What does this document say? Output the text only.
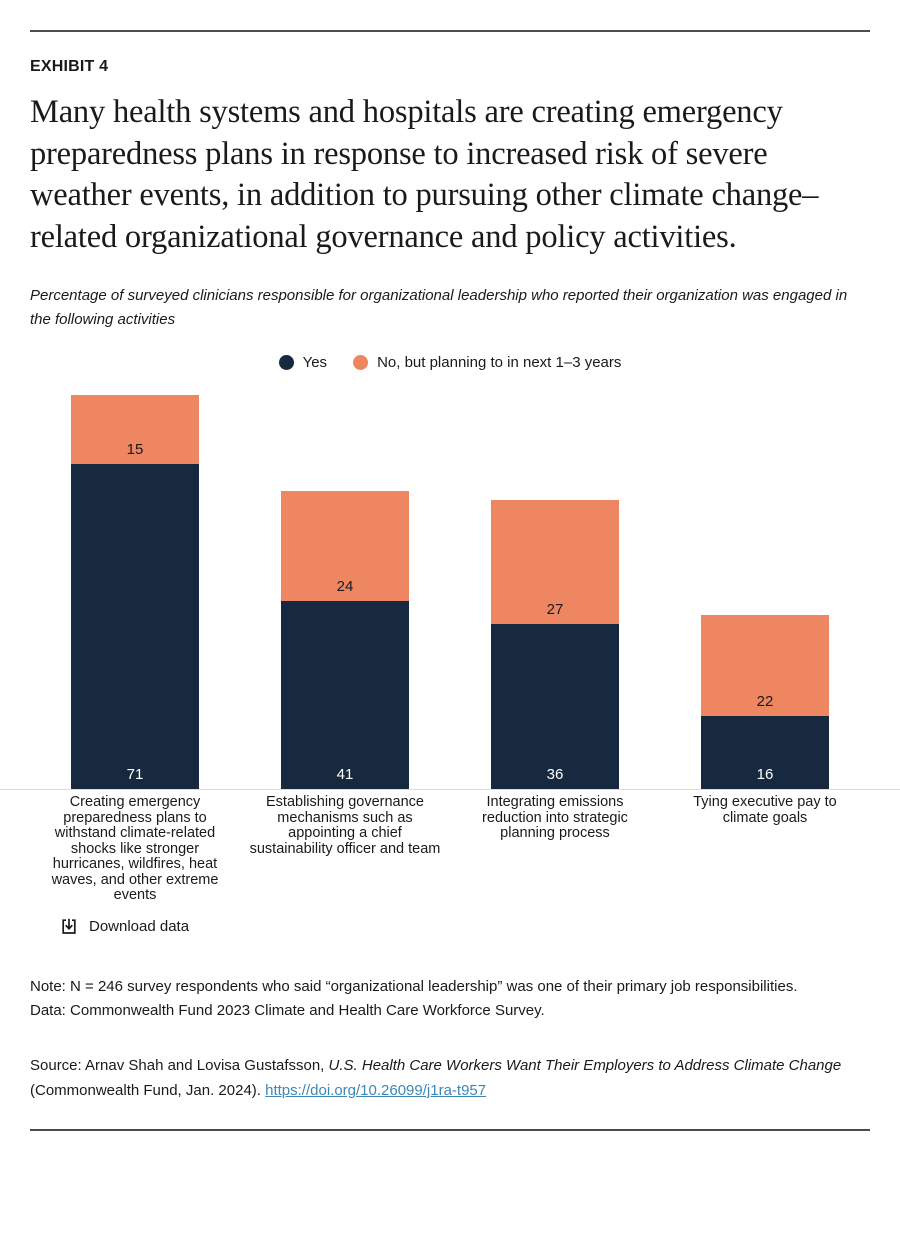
EXHIBIT 4
Many health systems and hospitals are creating emergency preparedness plans in response to increased risk of severe weather events, in addition to pursuing other climate change–related organizational governance and policy activities.

Percentage of surveyed clinicians responsible for organizational leadership who reported their organization was engaged in the following activities

Yes	No, but planning to in next 1–3 years
15
71
24
41
27
36
22
16
Creating emergency preparedness plans to withstand climate-related shocks like stronger hurricanes, wildfires, heat waves, and other extreme events
Establishing governance mechanisms such as appointing a chief sustainability officer and team
Integrating emissions reduction into strategic planning process
Tying executive pay to climate goals
Download data
Note: N = 246 survey respondents who said “organizational leadership” was one of their primary job responsibilities.
Data: Commonwealth Fund 2023 Climate and Health Care Workforce Survey.

Source: Arnav Shah and Lovisa Gustafsson, U.S. Health Care Workers Want Their Employers to Address Climate Change (Commonwealth Fund, Jan. 2024). https://doi.org/10.26099/j1ra-t957
